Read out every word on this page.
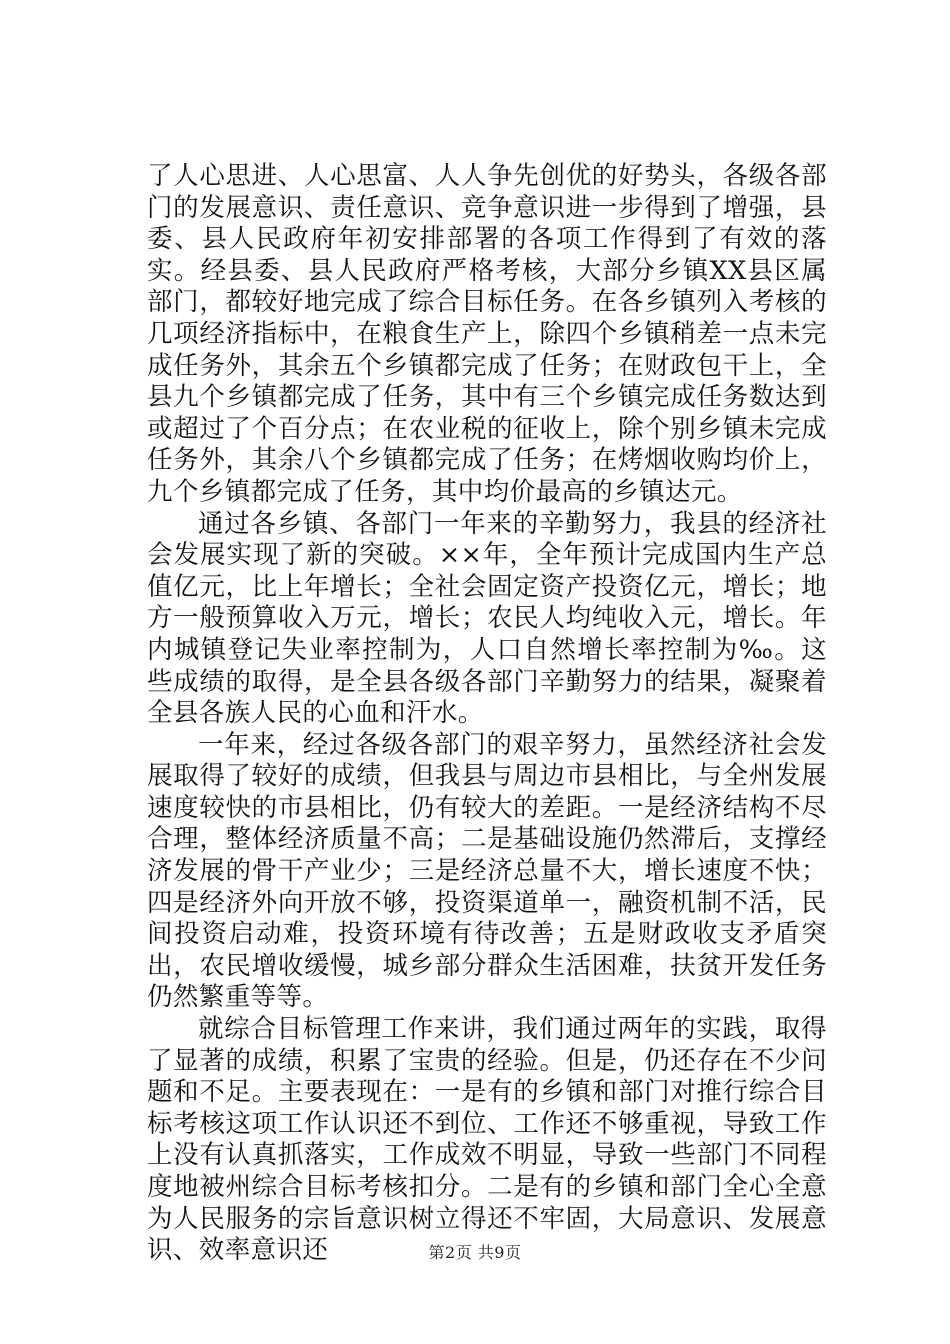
了人心思进、人心思富、人人争先创优的好势头，各级各部门的发展意识、责任意识、竞争意识进一步得到了增强，县委、县人民政府年初安排部署的各项工作得到了有效的落实。经县委、县人民政府严格考核，大部分乡镇XX县区属部门，都较好地完成了综合目标任务。在各乡镇列入考核的几项经济指标中，在粮食生产上，除四个乡镇稍差一点未完成任务外，其余五个乡镇都完成了任务；在财政包干上，全县九个乡镇都完成了任务，其中有三个乡镇完成任务数达到或超过了个百分点；在农业税的征收上，除个别乡镇未完成任务外，其余八个乡镇都完成了任务；在烤烟收购均价上，九个乡镇都完成了任务，其中均价最高的乡镇达元。

通过各乡镇、各部门一年来的辛勤努力，我县的经济社会发展实现了新的突破。××年，全年预计完成国内生产总值亿元，比上年增长；全社会固定资产投资亿元，增长；地方一般预算收入万元，增长；农民人均纯收入元，增长。年内城镇登记失业率控制为，人口自然增长率控制为‰。这些成绩的取得，是全县各级各部门辛勤努力的结果，凝聚着全县各族人民的心血和汗水。

一年来，经过各级各部门的艰辛努力，虽然经济社会发展取得了较好的成绩，但我县与周边市县相比，与全州发展速度较快的市县相比，仍有较大的差距。一是经济结构不尽合理，整体经济质量不高；二是基础设施仍然滞后，支撑经济发展的骨干产业少；三是经济总量不大，增长速度不快；四是经济外向开放不够，投资渠道单一，融资机制不活，民间投资启动难，投资环境有待改善；五是财政收支矛盾突出，农民增收缓慢，城乡部分群众生活困难，扶贫开发任务仍然繁重等等。

就综合目标管理工作来讲，我们通过两年的实践，取得了显著的成绩，积累了宝贵的经验。但是，仍还存在不少问题和不足。主要表现在：一是有的乡镇和部门对推行综合目标考核这项工作认识还不到位、工作还不够重视，导致工作上没有认真抓落实，工作成效不明显，导致一些部门不同程度地被州综合目标考核扣分。二是有的乡镇和部门全心全意为人民服务的宗旨意识树立得还不牢固，大局意识、发展意识、效率意识还	第2页 共9页
